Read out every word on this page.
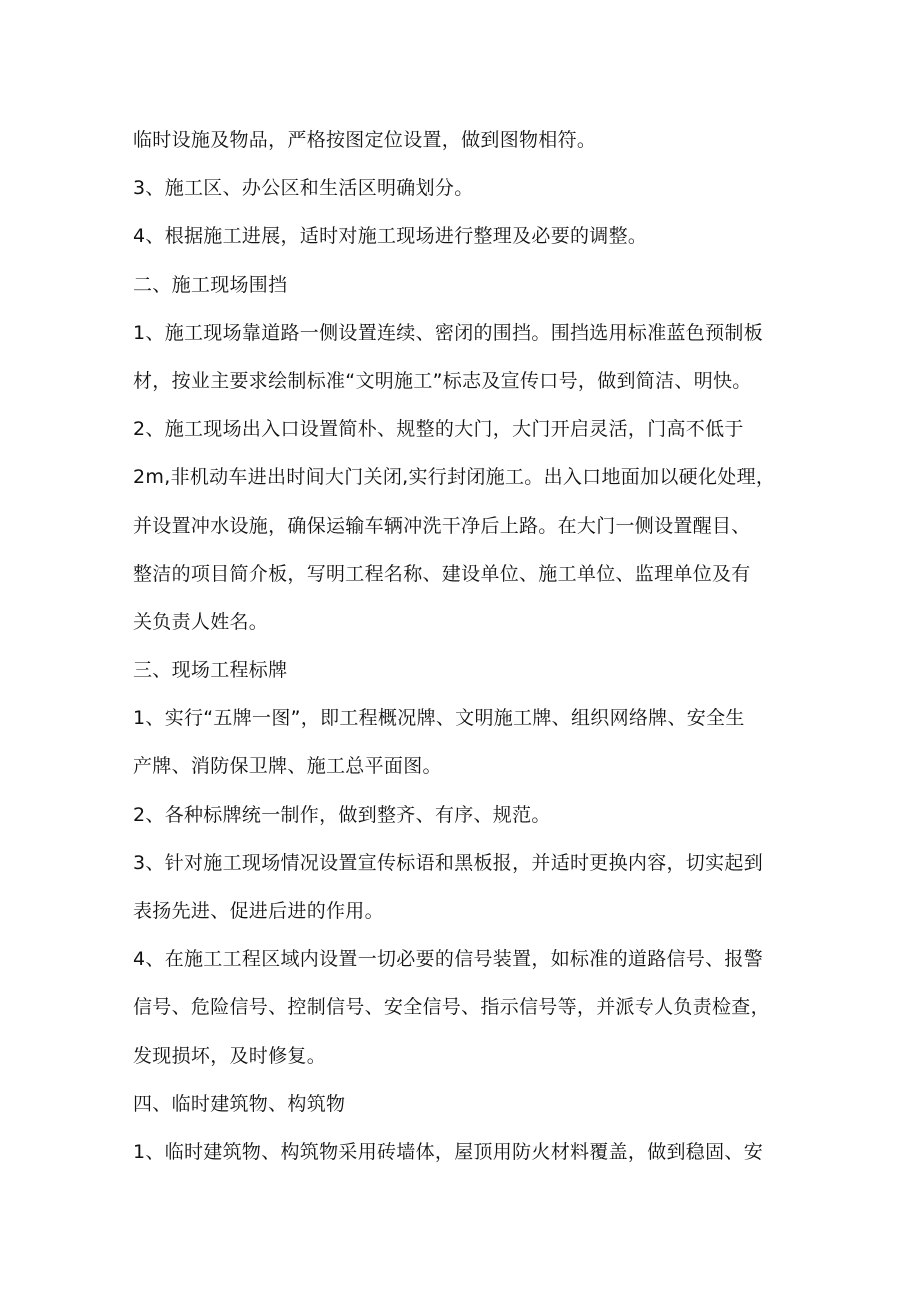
临时设施及物品，严格按图定位设置，做到图物相符。
3、施工区、办公区和生活区明确划分。
4、根据施工进展，适时对施工现场进行整理及必要的调整。
二、施工现场围挡
1、施工现场靠道路一侧设置连续、密闭的围挡。围挡选用标准蓝色预制板
材，按业主要求绘制标准“文明施工”标志及宣传口号，做到简洁、明快。
2、施工现场出入口设置简朴、规整的大门，大门开启灵活，门高不低于
2m,非机动车进出时间大门关闭,实行封闭施工。出入口地面加以硬化处理，
并设置冲水设施，确保运输车辆冲洗干净后上路。在大门一侧设置醒目、
整洁的项目简介板，写明工程名称、建设单位、施工单位、监理单位及有
关负责人姓名。
三、现场工程标牌
1、实行“五牌一图”，即工程概况牌、文明施工牌、组织网络牌、安全生
产牌、消防保卫牌、施工总平面图。
2、各种标牌统一制作，做到整齐、有序、规范。
3、针对施工现场情况设置宣传标语和黑板报，并适时更换内容，切实起到
表扬先进、促进后进的作用。
4、在施工工程区域内设置一切必要的信号装置，如标准的道路信号、报警
信号、危险信号、控制信号、安全信号、指示信号等，并派专人负责检查，
发现损坏，及时修复。
四、临时建筑物、构筑物
1、临时建筑物、构筑物采用砖墙体，屋顶用防火材料覆盖，做到稳固、安
